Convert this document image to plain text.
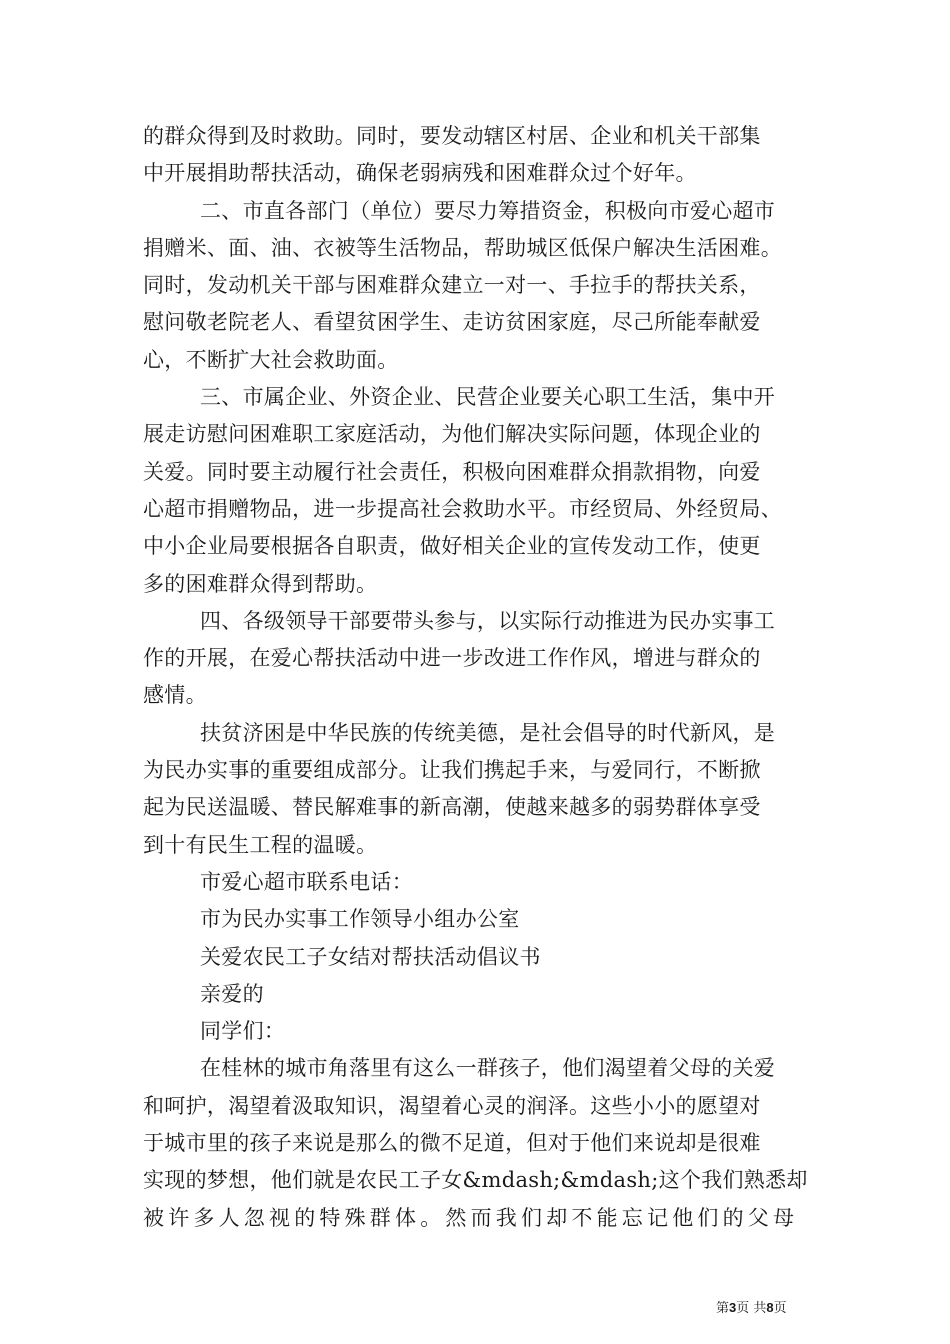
的群众得到及时救助。同时，要发动辖区村居、企业和机关干部集
中开展捐助帮扶活动，确保老弱病残和困难群众过个好年。
二、市直各部门（单位）要尽力筹措资金，积极向市爱心超市
捐赠米、面、油、衣被等生活物品，帮助城区低保户解决生活困难。
同时，发动机关干部与困难群众建立一对一、手拉手的帮扶关系，
慰问敬老院老人、看望贫困学生、走访贫困家庭，尽己所能奉献爱
心，不断扩大社会救助面。
三、市属企业、外资企业、民营企业要关心职工生活，集中开
展走访慰问困难职工家庭活动，为他们解决实际问题，体现企业的
关爱。同时要主动履行社会责任，积极向困难群众捐款捐物，向爱
心超市捐赠物品，进一步提高社会救助水平。市经贸局、外经贸局、
中小企业局要根据各自职责，做好相关企业的宣传发动工作，使更
多的困难群众得到帮助。
四、各级领导干部要带头参与，以实际行动推进为民办实事工
作的开展，在爱心帮扶活动中进一步改进工作作风，增进与群众的
感情。
扶贫济困是中华民族的传统美德，是社会倡导的时代新风，是
为民办实事的重要组成部分。让我们携起手来，与爱同行，不断掀
起为民送温暖、替民解难事的新高潮，使越来越多的弱势群体享受
到十有民生工程的温暖。
市爱心超市联系电话：
市为民办实事工作领导小组办公室
关爱农民工子女结对帮扶活动倡议书
亲爱的
同学们：
在桂林的城市角落里有这么一群孩子，他们渴望着父母的关爱
和呵护，渴望着汲取知识，渴望着心灵的润泽。这些小小的愿望对
于城市里的孩子来说是那么的微不足道，但对于他们来说却是很难
实现的梦想，他们就是农民工子女&mdash;&mdash;这个我们熟悉却
被许多人忽视的特殊群体。然而我们却不能忘记他们的父母
第3页 共8页
